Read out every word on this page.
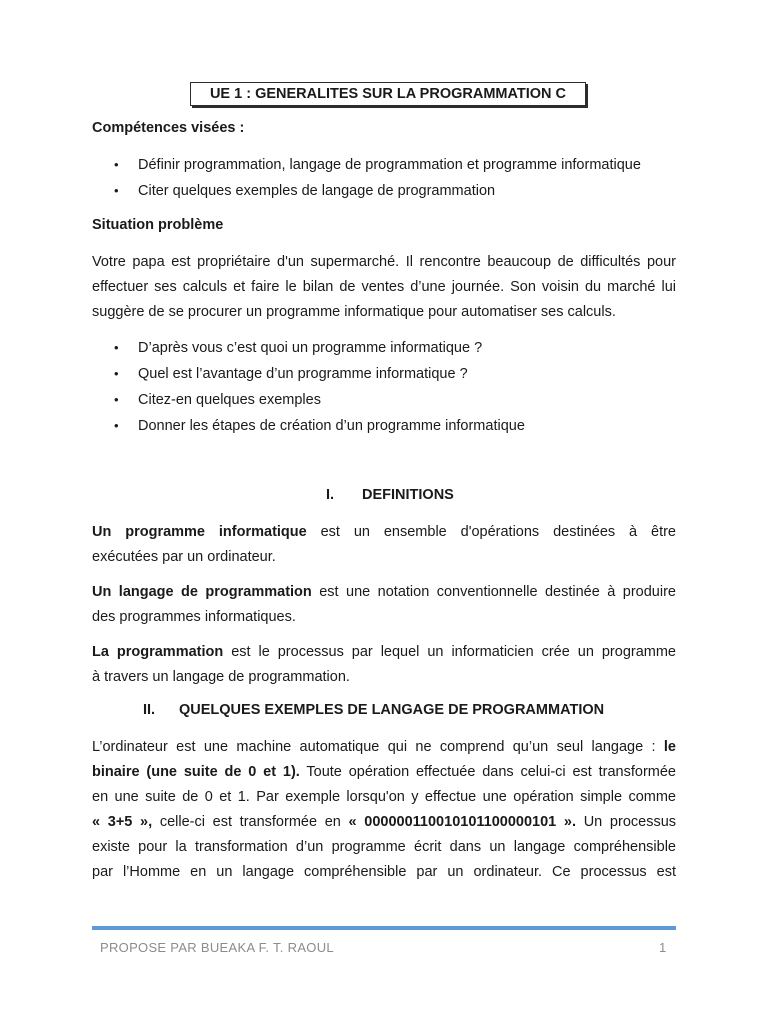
UE 1 : GENERALITES SUR LA PROGRAMMATION C
Compétences visées :
• Définir programmation, langage de programmation et programme informatique
• Citer quelques exemples de langage de programmation
Situation problème
Votre papa est propriétaire d'un supermarché. Il rencontre beaucoup de difficultés pour
effectuer ses calculs et faire le bilan de ventes d’une journée. Son voisin du marché lui
suggère de se procurer un programme informatique pour automatiser ses calculs.
• D’après vous c’est quoi un programme informatique ?
• Quel est l’avantage d’un programme informatique ?
• Citez-en quelques exemples
• Donner les étapes de création d’un programme informatique
I. DEFINITIONS
Un programme informatique est un ensemble d'opérations destinées à être
exécutées par un ordinateur.
Un langage de programmation est une notation conventionnelle destinée à produire
des programmes informatiques.
La programmation est le processus par lequel un informaticien crée un programme
à travers un langage de programmation.
II. QUELQUES EXEMPLES DE LANGAGE DE PROGRAMMATION
L’ordinateur est une machine automatique qui ne comprend qu’un seul langage : le
binaire (une suite de 0 et 1). Toute opération effectuée dans celui-ci est transformée
en une suite de 0 et 1. Par exemple lorsqu'on y effectue une opération simple comme
« 3+5 », celle-ci est transformée en « 000000110010101100000101 ». Un processus
existe pour la transformation d’un programme écrit dans un langage compréhensible
par l’Homme en un langage compréhensible par un ordinateur. Ce processus est
PROPOSE PAR BUEAKA F. T. RAOUL	1
